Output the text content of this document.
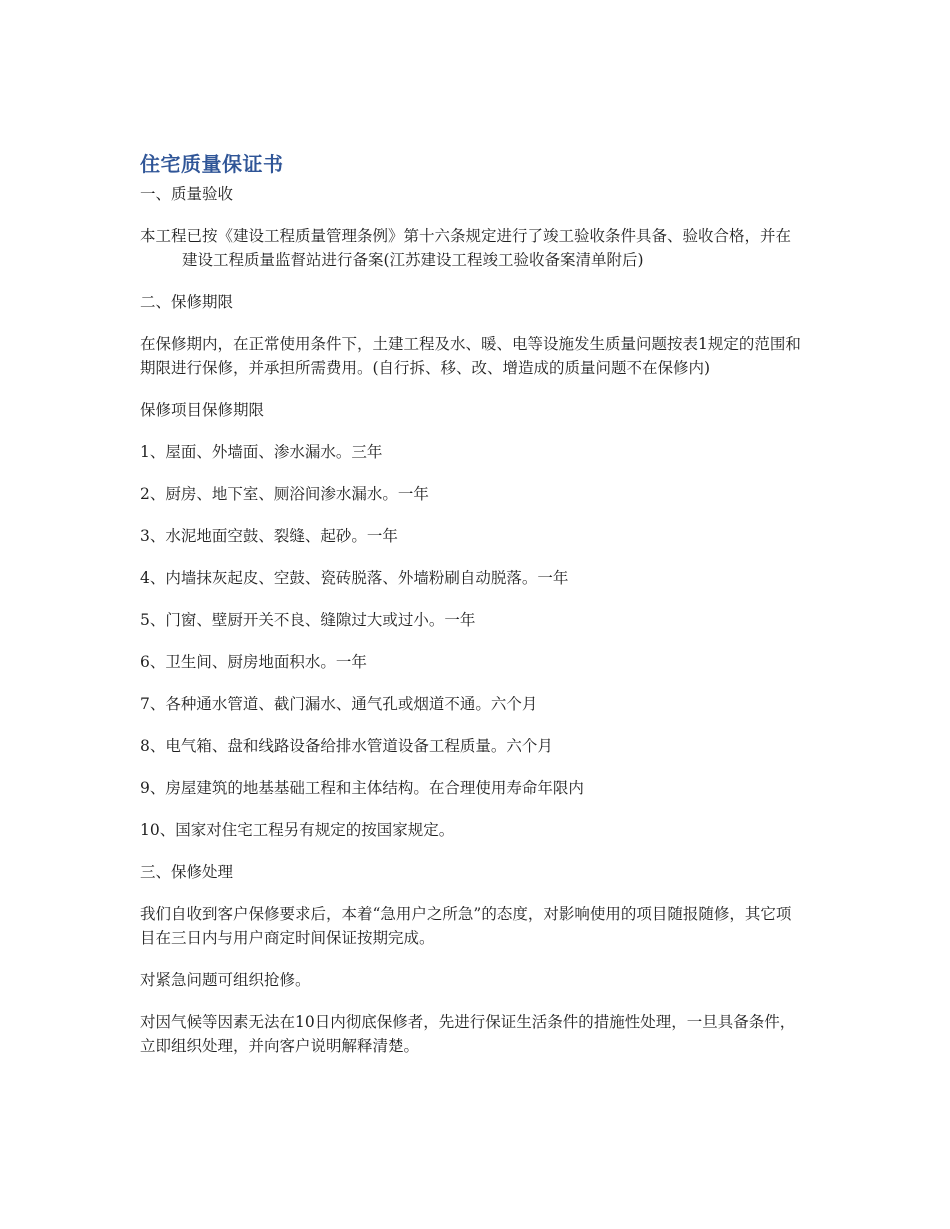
住宅质量保证书

一、质量验收

本工程已按《建设工程质量管理条例》第十六条规定进行了竣工验收条件具备、验收合格，并在建设工程质量监督站进行备案(江苏建设工程竣工验收备案清单附后)

二、保修期限

在保修期内，在正常使用条件下，土建工程及水、暖、电等设施发生质量问题按表1规定的范围和期限进行保修，并承担所需费用。(自行拆、移、改、增造成的质量问题不在保修内)

保修项目保修期限

1、屋面、外墙面、渗水漏水。三年

2、厨房、地下室、厕浴间渗水漏水。一年

3、水泥地面空鼓、裂缝、起砂。一年

4、内墙抹灰起皮、空鼓、瓷砖脱落、外墙粉刷自动脱落。一年

5、门窗、壁厨开关不良、缝隙过大或过小。一年

6、卫生间、厨房地面积水。一年

7、各种通水管道、截门漏水、通气孔或烟道不通。六个月

8、电气箱、盘和线路设备给排水管道设备工程质量。六个月

9、房屋建筑的地基基础工程和主体结构。在合理使用寿命年限内

10、国家对住宅工程另有规定的按国家规定。

三、保修处理

我们自收到客户保修要求后，本着“急用户之所急”的态度，对影响使用的项目随报随修，其它项目在三日内与用户商定时间保证按期完成。

对紧急问题可组织抢修。

对因气候等因素无法在10日内彻底保修者，先进行保证生活条件的措施性处理，一旦具备条件，立即组织处理，并向客户说明解释清楚。
